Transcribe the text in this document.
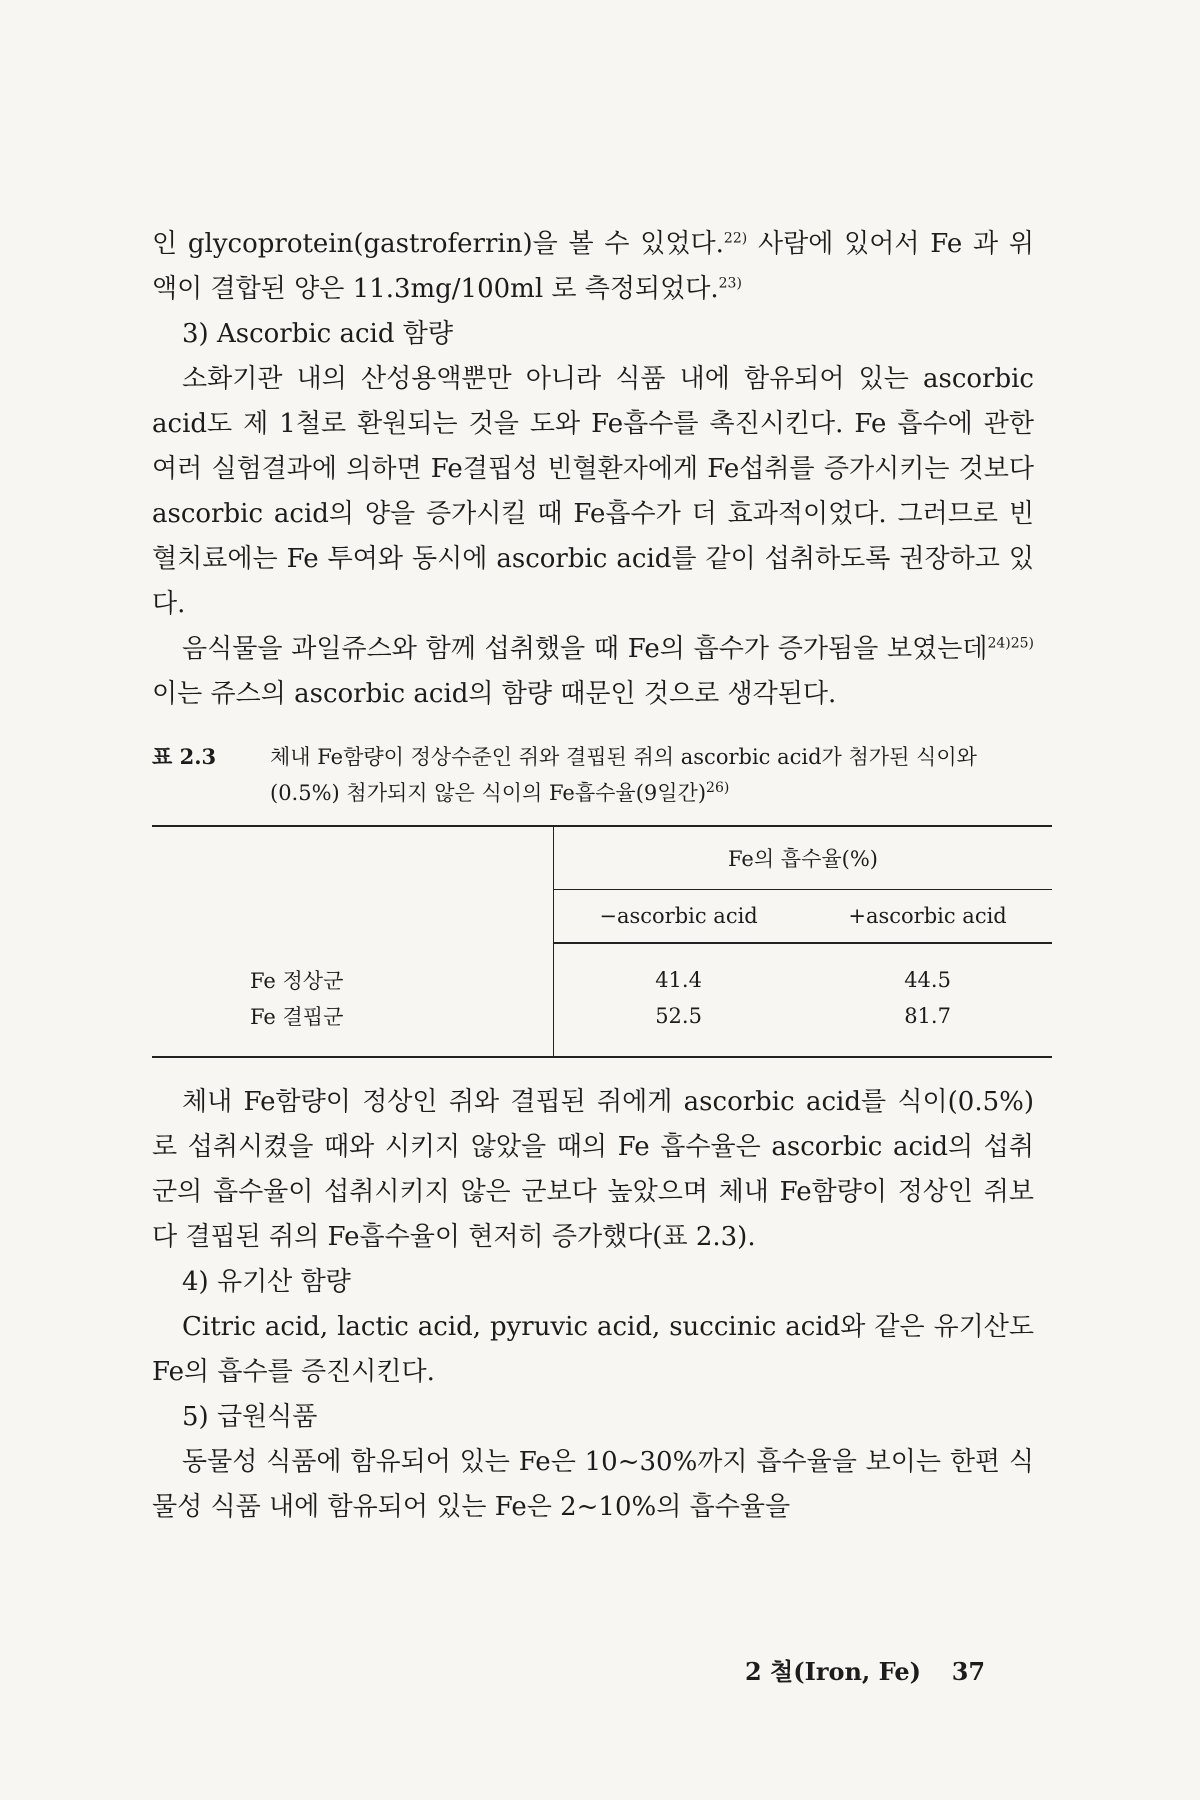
인 glycoprotein(gastroferrin)을 볼 수 있었다.$^{22)}$ 사람에 있어서 Fe 과 위액이 결합된 양은 11.3mg/100ml 로 측정되었다.$^{23)}$

3) Ascorbic acid 함량

소화기관 내의 산성용액뿐만 아니라 식품 내에 함유되어 있는 ascorbic acid도 제 1철로 환원되는 것을 도와 Fe흡수를 촉진시킨다. Fe 흡수에 관한 여러 실험결과에 의하면 Fe결핍성 빈혈환자에게 Fe섭취를 증가시키는 것보다 ascorbic acid의 양을 증가시킬 때 Fe흡수가 더 효과적이었다. 그러므로 빈혈치료에는 Fe 투여와 동시에 ascorbic acid를 같이 섭취하도록 권장하고 있다.

음식물을 과일쥬스와 함께 섭취했을 때 Fe의 흡수가 증가됨을 보였는데$^{24)25)}$ 이는 쥬스의 ascorbic acid의 함량 때문인 것으로 생각된다.

표 2.3	체내 Fe함량이 정상수준인 쥐와 결핍된 쥐의 ascorbic acid가 첨가된 식이와(0.5%) 첨가되지 않은 식이의 Fe흡수율(9일간)$^{26)}$
	Fe의 흡수율(%)	
	−ascorbic acid	+ascorbic acid
Fe 정상군	41.4	44.5
Fe 결핍군	52.5	81.7

체내 Fe함량이 정상인 쥐와 결핍된 쥐에게 ascorbic acid를 식이(0.5%)로 섭취시켰을 때와 시키지 않았을 때의 Fe 흡수율은 ascorbic acid의 섭취군의 흡수율이 섭취시키지 않은 군보다 높았으며 체내 Fe함량이 정상인 쥐보다 결핍된 쥐의 Fe흡수율이 현저히 증가했다(표 2.3).

4) 유기산 함량

Citric acid, lactic acid, pyruvic acid, succinic acid와 같은 유기산도 Fe의 흡수를 증진시킨다.

5) 급원식품

동물성 식품에 함유되어 있는 Fe은 10~30%까지 흡수율을 보이는 한편 식물성 식품 내에 함유되어 있는 Fe은 2~10%의 흡수율을

2 철(Iron, Fe) 37
